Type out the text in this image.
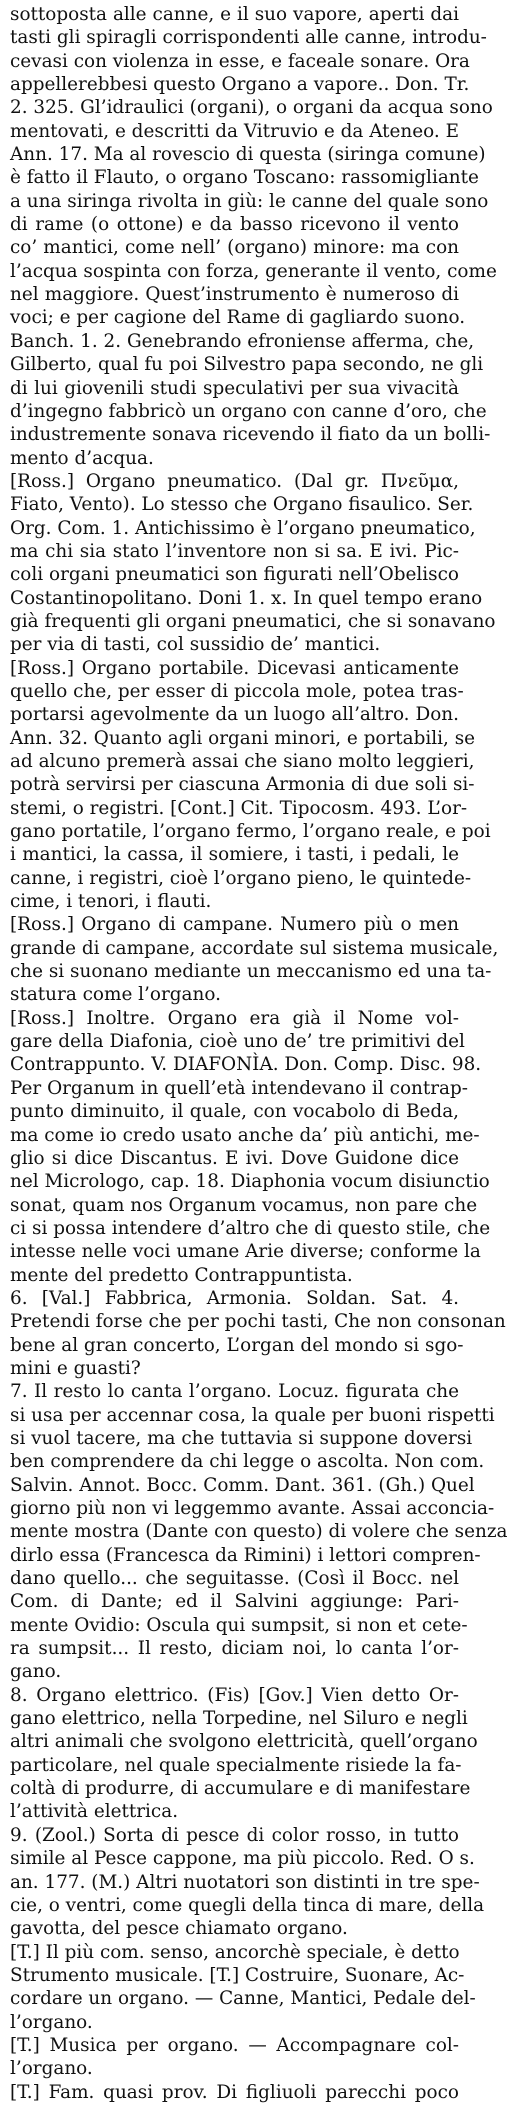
sottoposta alle canne, e il suo vapore, aperti dai
tasti gli spiragli corrispondenti alle canne, introdu-
cevasi con violenza in esse, e faceale sonare. Ora
appellerebbesi questo Organo a vapore.. Don. Tr.
2. 325. Gl’idraulici (organi), o organi da acqua sono
mentovati, e descritti da Vitruvio e da Ateneo. E
Ann. 17. Ma al rovescio di questa (siringa comune)
è fatto il Flauto, o organo Toscano: rassomigliante
a una siringa rivolta in giù: le canne del quale sono
di rame (o ottone) e da basso ricevono il vento
co’ mantici, come nell’ (organo) minore: ma con
l’acqua sospinta con forza, generante il vento, come
nel maggiore. Quest’instrumento è numeroso di
voci; e per cagione del Rame di gagliardo suono.
Banch. 1. 2. Genebrando efroniense afferma, che,
Gilberto, qual fu poi Silvestro papa secondo, ne gli
di lui giovenili studi speculativi per sua vivacità
d’ingegno fabbricò un organo con canne d’oro, che
industremente sonava ricevendo il fiato da un bolli-
mento d’acqua.
[Ross.] Organo pneumatico. (Dal gr. Πνεῦμα,
Fiato, Vento). Lo stesso che Organo fisaulico. Ser.
Org. Com. 1. Antichissimo è l’organo pneumatico,
ma chi sia stato l’inventore non si sa. E ivi. Pic-
coli organi pneumatici son figurati nell’Obelisco
Costantinopolitano. Doni 1. x. In quel tempo erano
già frequenti gli organi pneumatici, che si sonavano
per via di tasti, col sussidio de’ mantici.
[Ross.] Organo portabile. Dicevasi anticamente
quello che, per esser di piccola mole, potea tras-
portarsi agevolmente da un luogo all’altro. Don.
Ann. 32. Quanto agli organi minori, e portabili, se
ad alcuno premerà assai che siano molto leggieri,
potrà servirsi per ciascuna Armonia di due soli si-
stemi, o registri. [Cont.] Cit. Tipocosm. 493. L’or-
gano portatile, l’organo fermo, l’organo reale, e poi
i mantici, la cassa, il somiere, i tasti, i pedali, le
canne, i registri, cioè l’organo pieno, le quintede-
cime, i tenori, i flauti.
[Ross.] Organo di campane. Numero più o men
grande di campane, accordate sul sistema musicale,
che si suonano mediante un meccanismo ed una ta-
statura come l’organo.
[Ross.] Inoltre. Organo era già il Nome vol-
gare della Diafonia, cioè uno de’ tre primitivi del
Contrappunto. V. DIAFONÌA. Don. Comp. Disc. 98.
Per Organum in quell’età intendevano il contrap-
punto diminuito, il quale, con vocabolo di Beda,
ma come io credo usato anche da’ più antichi, me-
glio si dice Discantus. E ivi. Dove Guidone dice
nel Micrologo, cap. 18. Diaphonia vocum disiunctio
sonat, quam nos Organum vocamus, non pare che
ci si possa intendere d’altro che di questo stile, che
intesse nelle voci umane Arie diverse; conforme la
mente del predetto Contrappuntista.
6. [Val.] Fabbrica, Armonia. Soldan. Sat. 4.
Pretendi forse che per pochi tasti, Che non consonan
bene al gran concerto, L’organ del mondo si sgo-
mini e guasti?
7. Il resto lo canta l’organo. Locuz. figurata che
si usa per accennar cosa, la quale per buoni rispetti
si vuol tacere, ma che tuttavia si suppone doversi
ben comprendere da chi legge o ascolta. Non com.
Salvin. Annot. Bocc. Comm. Dant. 361. (Gh.) Quel
giorno più non vi leggemmo avante. Assai acconcia-
mente mostra (Dante con questo) di volere che senza
dirlo essa (Francesca da Rimini) i lettori compren-
dano quello... che seguitasse. (Così il Bocc. nel
Com. di Dante; ed il Salvini aggiunge: Pari-
mente Ovidio: Oscula qui sumpsit, si non et cete-
ra sumpsit... Il resto, diciam noi, lo canta l’or-
gano.
8. Organo elettrico. (Fis) [Gov.] Vien detto Or-
gano elettrico, nella Torpedine, nel Siluro e negli
altri animali che svolgono elettricità, quell’organo
particolare, nel quale specialmente risiede la fa-
coltà di produrre, di accumulare e di manifestare
l’attività elettrica.
9. (Zool.) Sorta di pesce di color rosso, in tutto
simile al Pesce cappone, ma più piccolo. Red. O s.
an. 177. (M.) Altri nuotatori son distinti in tre spe-
cie, o ventri, come quegli della tinca di mare, della
gavotta, del pesce chiamato organo.
[T.] Il più com. senso, ancorchè speciale, è detto
Strumento musicale. [T.] Costruire, Suonare, Ac-
cordare un organo. — Canne, Mantici, Pedale del-
l’organo.
[T.] Musica per organo. — Accompagnare col-
l’organo.
[T.] Fam. quasi prov. Di figliuoli parecchi poco
